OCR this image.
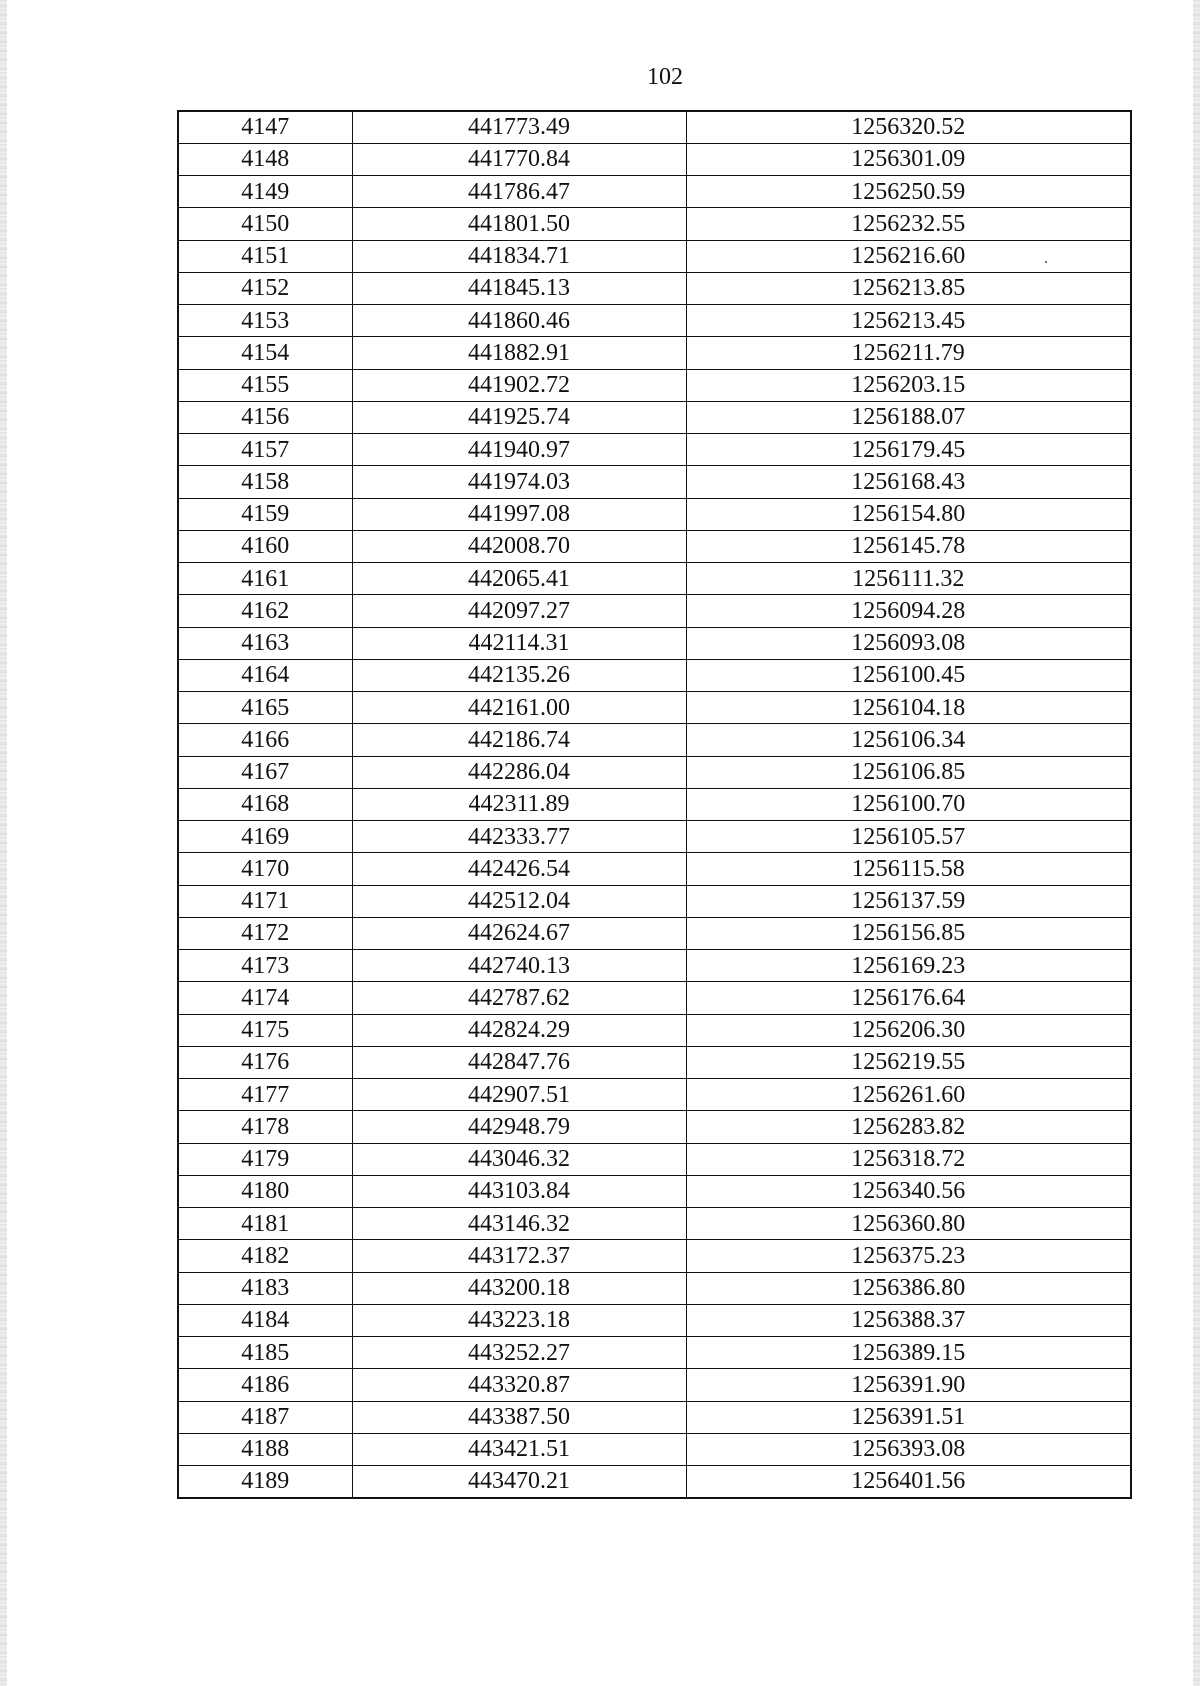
102
4147	441773.49	1256320.52
4148	441770.84	1256301.09
4149	441786.47	1256250.59
4150	441801.50	1256232.55
4151	441834.71	1256216.60
4152	441845.13	1256213.85
4153	441860.46	1256213.45
4154	441882.91	1256211.79
4155	441902.72	1256203.15
4156	441925.74	1256188.07
4157	441940.97	1256179.45
4158	441974.03	1256168.43
4159	441997.08	1256154.80
4160	442008.70	1256145.78
4161	442065.41	1256111.32
4162	442097.27	1256094.28
4163	442114.31	1256093.08
4164	442135.26	1256100.45
4165	442161.00	1256104.18
4166	442186.74	1256106.34
4167	442286.04	1256106.85
4168	442311.89	1256100.70
4169	442333.77	1256105.57
4170	442426.54	1256115.58
4171	442512.04	1256137.59
4172	442624.67	1256156.85
4173	442740.13	1256169.23
4174	442787.62	1256176.64
4175	442824.29	1256206.30
4176	442847.76	1256219.55
4177	442907.51	1256261.60
4178	442948.79	1256283.82
4179	443046.32	1256318.72
4180	443103.84	1256340.56
4181	443146.32	1256360.80
4182	443172.37	1256375.23
4183	443200.18	1256386.80
4184	443223.18	1256388.37
4185	443252.27	1256389.15
4186	443320.87	1256391.90
4187	443387.50	1256391.51
4188	443421.51	1256393.08
4189	443470.21	1256401.56
